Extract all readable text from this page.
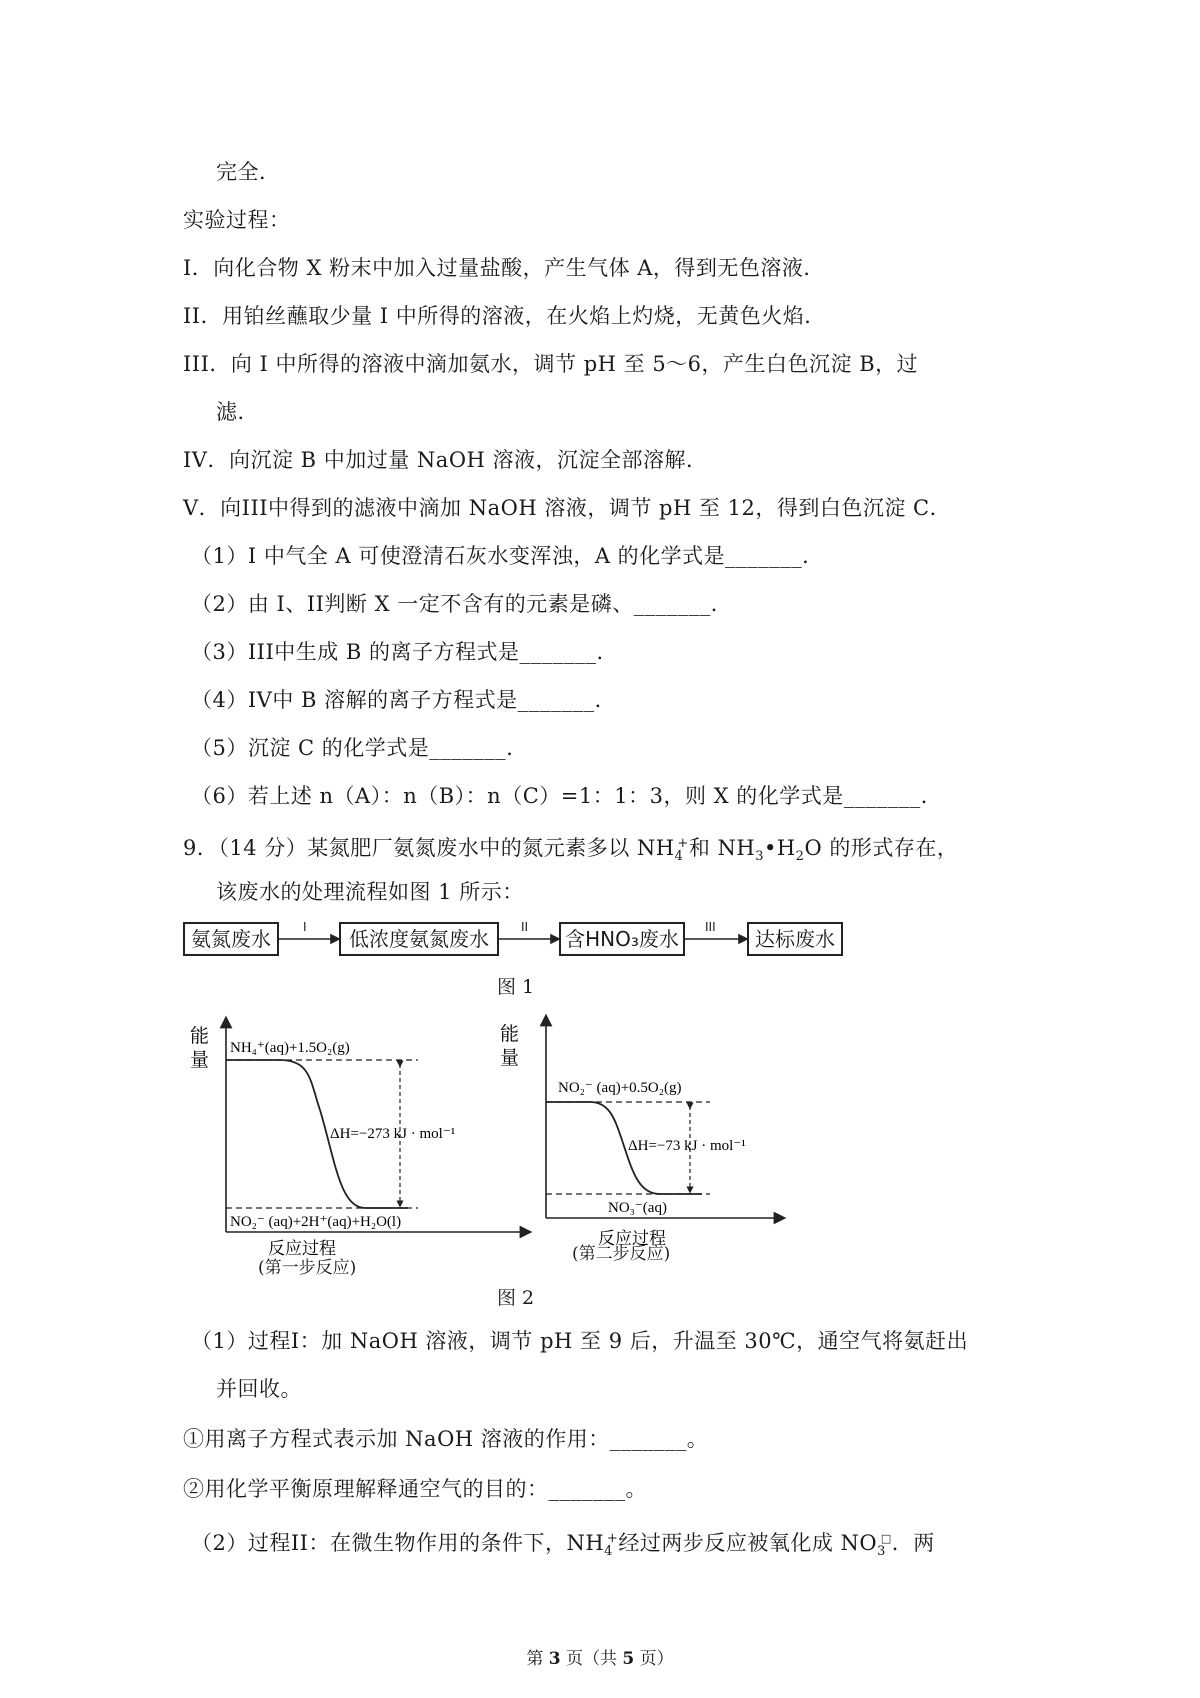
完全．
实验过程：
I．向化合物 X 粉末中加入过量盐酸，产生气体 A，得到无色溶液．
II．用铂丝蘸取少量 I 中所得的溶液，在火焰上灼烧，无黄色火焰．
III．向 I 中所得的溶液中滴加氨水，调节 pH 至 5～6，产生白色沉淀 B，过
滤．
IV．向沉淀 B 中加过量 NaOH 溶液，沉淀全部溶解．
V．向III中得到的滤液中滴加 NaOH 溶液，调节 pH 至 12，得到白色沉淀 C．
（1）I 中气全 A 可使澄清石灰水变浑浊，A 的化学式是_______．
（2）由 I、II判断 X 一定不含有的元素是磷、_______．
（3）III中生成 B 的离子方程式是_______．
（4）IV中 B 溶解的离子方程式是_______．
（5）沉淀 C 的化学式是_______．
（6）若上述 n（A）：n（B）：n（C）=1：1：3，则 X 的化学式是_______．
9．（14 分）某氮肥厂氨氮废水中的氮元素多以 $NH_4^+$和 $NH_3•H_2O$ 的形式存在，
该废水的处理流程如图 1 所示：
氨氮废水	低浓度氨氮废水	含HNO₃废水	达标废水
I	II	III
图 1
能
量
NH₄⁺(aq)+1.5O₂(g)
NO₂⁻ (aq)+2H⁺(aq)+H₂O(l)
ΔH=−273 kJ · mol⁻¹
反应过程
能
量
NO₂⁻ (aq)+0.5O₂(g)
NO₃⁻(aq)
ΔH=−73 kJ · mol⁻¹
反应过程
(第一步反应)
(第二步反应)
图 2
（1）过程I：加 NaOH 溶液，调节 pH 至 9 后，升温至 30℃，通空气将氨赶出
并回收。
①用离子方程式表示加 NaOH 溶液的作用：_______。
②用化学平衡原理解释通空气的目的：_______。
（2）过程II：在微生物作用的条件下，$NH_4^+$经过两步反应被氧化成 $NO_3^□$．两
第 3 页（共 5 页）
